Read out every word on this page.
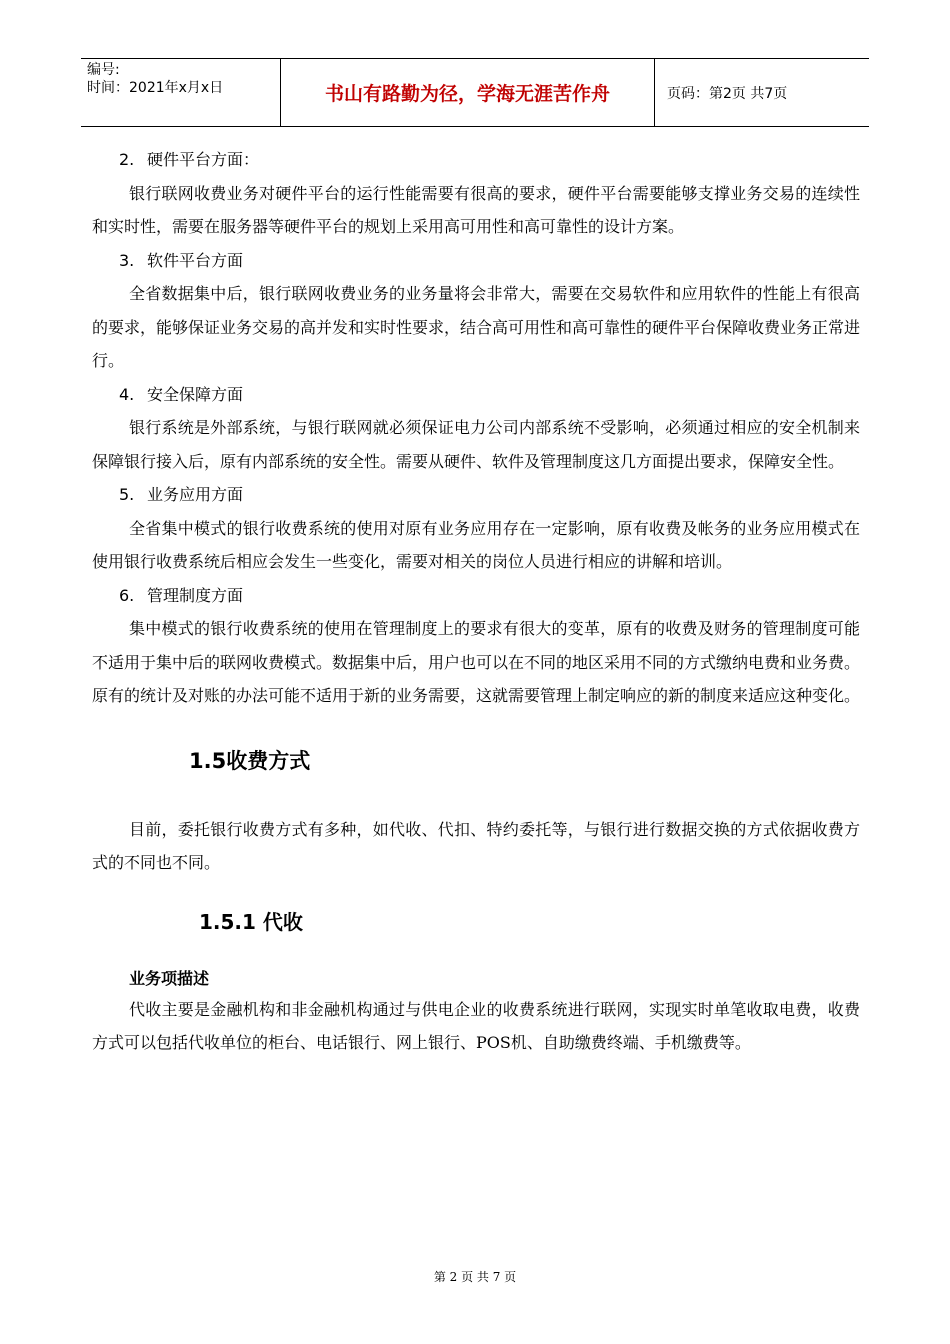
编号:
时间：2021年x月x日	书山有路勤为径，学海无涯苦作舟	页码：第2页 共7页

2. 硬件平台方面：

银行联网收费业务对硬件平台的运行性能需要有很高的要求，硬件平台需要能够支撑业务交易的连续性和实时性，需要在服务器等硬件平台的规划上采用高可用性和高可靠性的设计方案。

3. 软件平台方面

全省数据集中后，银行联网收费业务的业务量将会非常大，需要在交易软件和应用软件的性能上有很高的要求，能够保证业务交易的高并发和实时性要求，结合高可用性和高可靠性的硬件平台保障收费业务正常进行。

4. 安全保障方面

银行系统是外部系统，与银行联网就必须保证电力公司内部系统不受影响，必须通过相应的安全机制来保障银行接入后，原有内部系统的安全性。需要从硬件、软件及管理制度这几方面提出要求，保障安全性。

5. 业务应用方面

全省集中模式的银行收费系统的使用对原有业务应用存在一定影响，原有收费及帐务的业务应用模式在使用银行收费系统后相应会发生一些变化，需要对相关的岗位人员进行相应的讲解和培训。

6. 管理制度方面

集中模式的银行收费系统的使用在管理制度上的要求有很大的变革，原有的收费及财务的管理制度可能不适用于集中后的联网收费模式。数据集中后，用户也可以在不同的地区采用不同的方式缴纳电费和业务费。原有的统计及对账的办法可能不适用于新的业务需要，这就需要管理上制定响应的新的制度来适应这种变化。

1.5收费方式

目前，委托银行收费方式有多种，如代收、代扣、特约委托等，与银行进行数据交换的方式依据收费方式的不同也不同。

1.5.1 代收

业务项描述

代收主要是金融机构和非金融机构通过与供电企业的收费系统进行联网，实现实时单笔收取电费，收费方式可以包括代收单位的柜台、电话银行、网上银行、POS机、自助缴费终端、手机缴费等。

第 2 页 共 7 页
